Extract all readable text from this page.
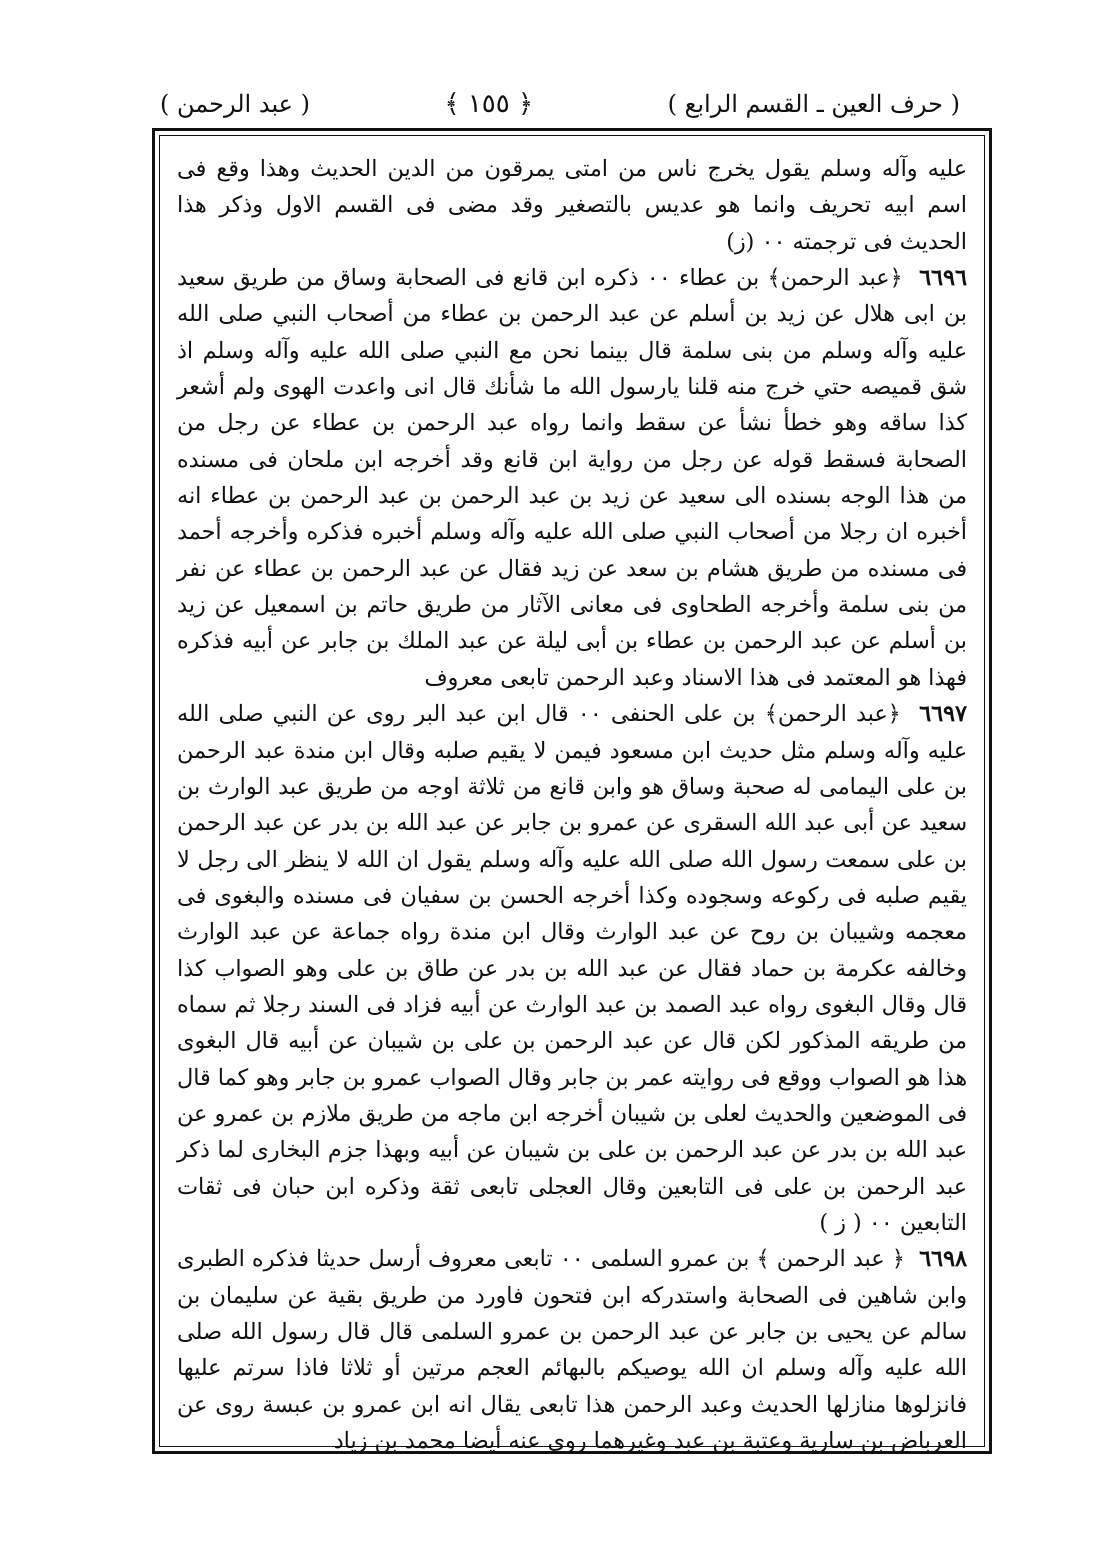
( حرف العين ـ القسم الرابع )
﴿ ١٥٥ ﴾
( عبد الرحمن )

عليه وآله وسلم يقول يخرج ناس من امتى يمرقون من الدين الحديث وهذا وقع فى اسم ابيه تحريف وانما هو عديس بالتصغير وقد مضى فى القسم الاول وذكر هذا الحديث فى ترجمته ٠٠ (ز)

٦٦٩٦  ﴿عبد الرحمن﴾ بن عطاء ٠٠ ذكره ابن قانع فى الصحابة وساق من طريق سعيد بن ابى هلال عن زيد بن أسلم عن عبد الرحمن بن عطاء من أصحاب النبي صلى الله عليه وآله وسلم من بنى سلمة قال بينما نحن مع النبي صلى الله عليه وآله وسلم اذ شق قميصه حتي خرج منه قلنا يارسول الله ما شأنك قال انى واعدت الهوى ولم أشعر كذا ساقه وهو خطأ نشأ عن سقط وانما رواه عبد الرحمن بن عطاء عن رجل من الصحابة فسقط قوله عن رجل من رواية ابن قانع وقد أخرجه ابن ملحان فى مسنده من هذا الوجه بسنده الى سعيد عن زيد بن عبد الرحمن بن عبد الرحمن بن عطاء انه أخبره ان رجلا من أصحاب النبي صلى الله عليه وآله وسلم أخبره فذكره وأخرجه أحمد فى مسنده من طريق هشام بن سعد عن زيد فقال عن عبد الرحمن بن عطاء عن نفر من بنى سلمة وأخرجه الطحاوى فى معانى الآثار من طريق حاتم بن اسمعيل عن زيد بن أسلم عن عبد الرحمن بن عطاء بن أبى ليلة عن عبد الملك بن جابر عن أبيه فذكره فهذا هو المعتمد فى هذا الاسناد وعبد الرحمن تابعى معروف

٦٦٩٧  ﴿عبد الرحمن﴾ بن على الحنفى ٠٠ قال ابن عبد البر روى عن النبي صلى الله عليه وآله وسلم مثل حديث ابن مسعود فيمن لا يقيم صلبه وقال ابن مندة عبد الرحمن بن على اليمامى له صحبة وساق هو وابن قانع من ثلاثة اوجه من طريق عبد الوارث بن سعيد عن أبى عبد الله السقرى عن عمرو بن جابر عن عبد الله بن بدر عن عبد الرحمن بن على سمعت رسول الله صلى الله عليه وآله وسلم يقول ان الله لا ينظر الى رجل لا يقيم صلبه فى ركوعه وسجوده وكذا أخرجه الحسن بن سفيان فى مسنده والبغوى فى معجمه وشيبان بن روح عن عبد الوارث وقال ابن مندة رواه جماعة عن عبد الوارث وخالفه عكرمة بن حماد فقال عن عبد الله بن بدر عن طاق بن على وهو الصواب كذا قال وقال البغوى رواه عبد الصمد بن عبد الوارث عن أبيه فزاد فى السند رجلا ثم سماه من طريقه المذكور لكن قال عن عبد الرحمن بن على بن شيبان عن أبيه قال البغوى هذا هو الصواب ووقع فى روايته عمر بن جابر وقال الصواب عمرو بن جابر وهو كما قال فى الموضعين والحديث لعلى بن شيبان أخرجه ابن ماجه من طريق ملازم بن عمرو عن عبد الله بن بدر عن عبد الرحمن بن على بن شيبان عن أبيه وبهذا جزم البخارى لما ذكر عبد الرحمن بن على فى التابعين وقال العجلى تابعى ثقة وذكره ابن حبان فى ثقات التابعين ٠٠ ( ز )

٦٦٩٨  ﴿ عبد الرحمن ﴾ بن عمرو السلمى ٠٠ تابعى معروف أرسل حديثا فذكره الطبرى وابن شاهين فى الصحابة واستدركه ابن فتحون فاورد من طريق بقية عن سليمان بن سالم عن يحيى بن جابر عن عبد الرحمن بن عمرو السلمى قال قال رسول الله صلى الله عليه وآله وسلم ان الله يوصيكم بالبهائم العجم مرتين أو ثلاثا فاذا سرتم عليها فانزلوها منازلها الحديث وعبد الرحمن هذا تابعى يقال انه ابن عمرو بن عبسة روى عن العرباض بن سارية وعتبة بن عبد وغيرهما روى عنه أيضا محمد بن زياد
